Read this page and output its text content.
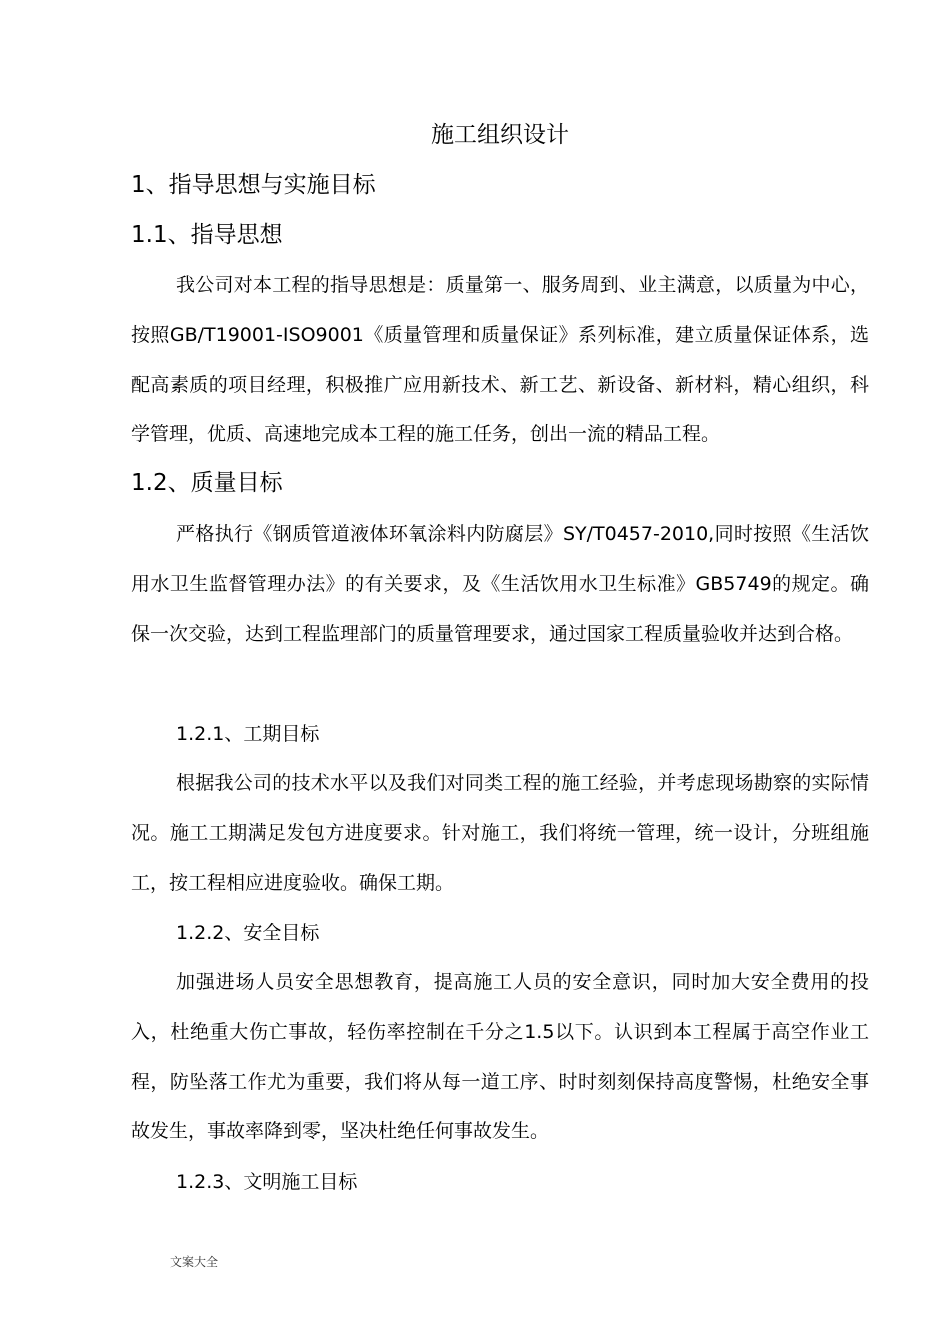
施工组织设计
1、指导思想与实施目标
1.1、指导思想

我公司对本工程的指导思想是：质量第一、服务周到、业主满意，以质量为中心，按照GB/T19001-ISO9001《质量管理和质量保证》系列标准，建立质量保证体系，选配高素质的项目经理，积极推广应用新技术、新工艺、新设备、新材料，精心组织，科学管理，优质、高速地完成本工程的施工任务，创出一流的精品工程。

1.2、质量目标

严格执行《钢质管道液体环氧涂料内防腐层》SY/T0457-2010,同时按照《生活饮用水卫生监督管理办法》的有关要求，及《生活饮用水卫生标准》GB5749的规定。确保一次交验，达到工程监理部门的质量管理要求，通过国家工程质量验收并达到合格。

1.2.1、工期目标

根据我公司的技术水平以及我们对同类工程的施工经验，并考虑现场勘察的实际情况。施工工期满足发包方进度要求。针对施工，我们将统一管理，统一设计，分班组施工，按工程相应进度验收。确保工期。

1.2.2、安全目标

加强进场人员安全思想教育，提高施工人员的安全意识，同时加大安全费用的投入，杜绝重大伤亡事故，轻伤率控制在千分之1.5以下。认识到本工程属于高空作业工程，防坠落工作尤为重要，我们将从每一道工序、时时刻刻保持高度警惕，杜绝安全事故发生，事故率降到零，坚决杜绝任何事故发生。

1.2.3、文明施工目标
文案大全
